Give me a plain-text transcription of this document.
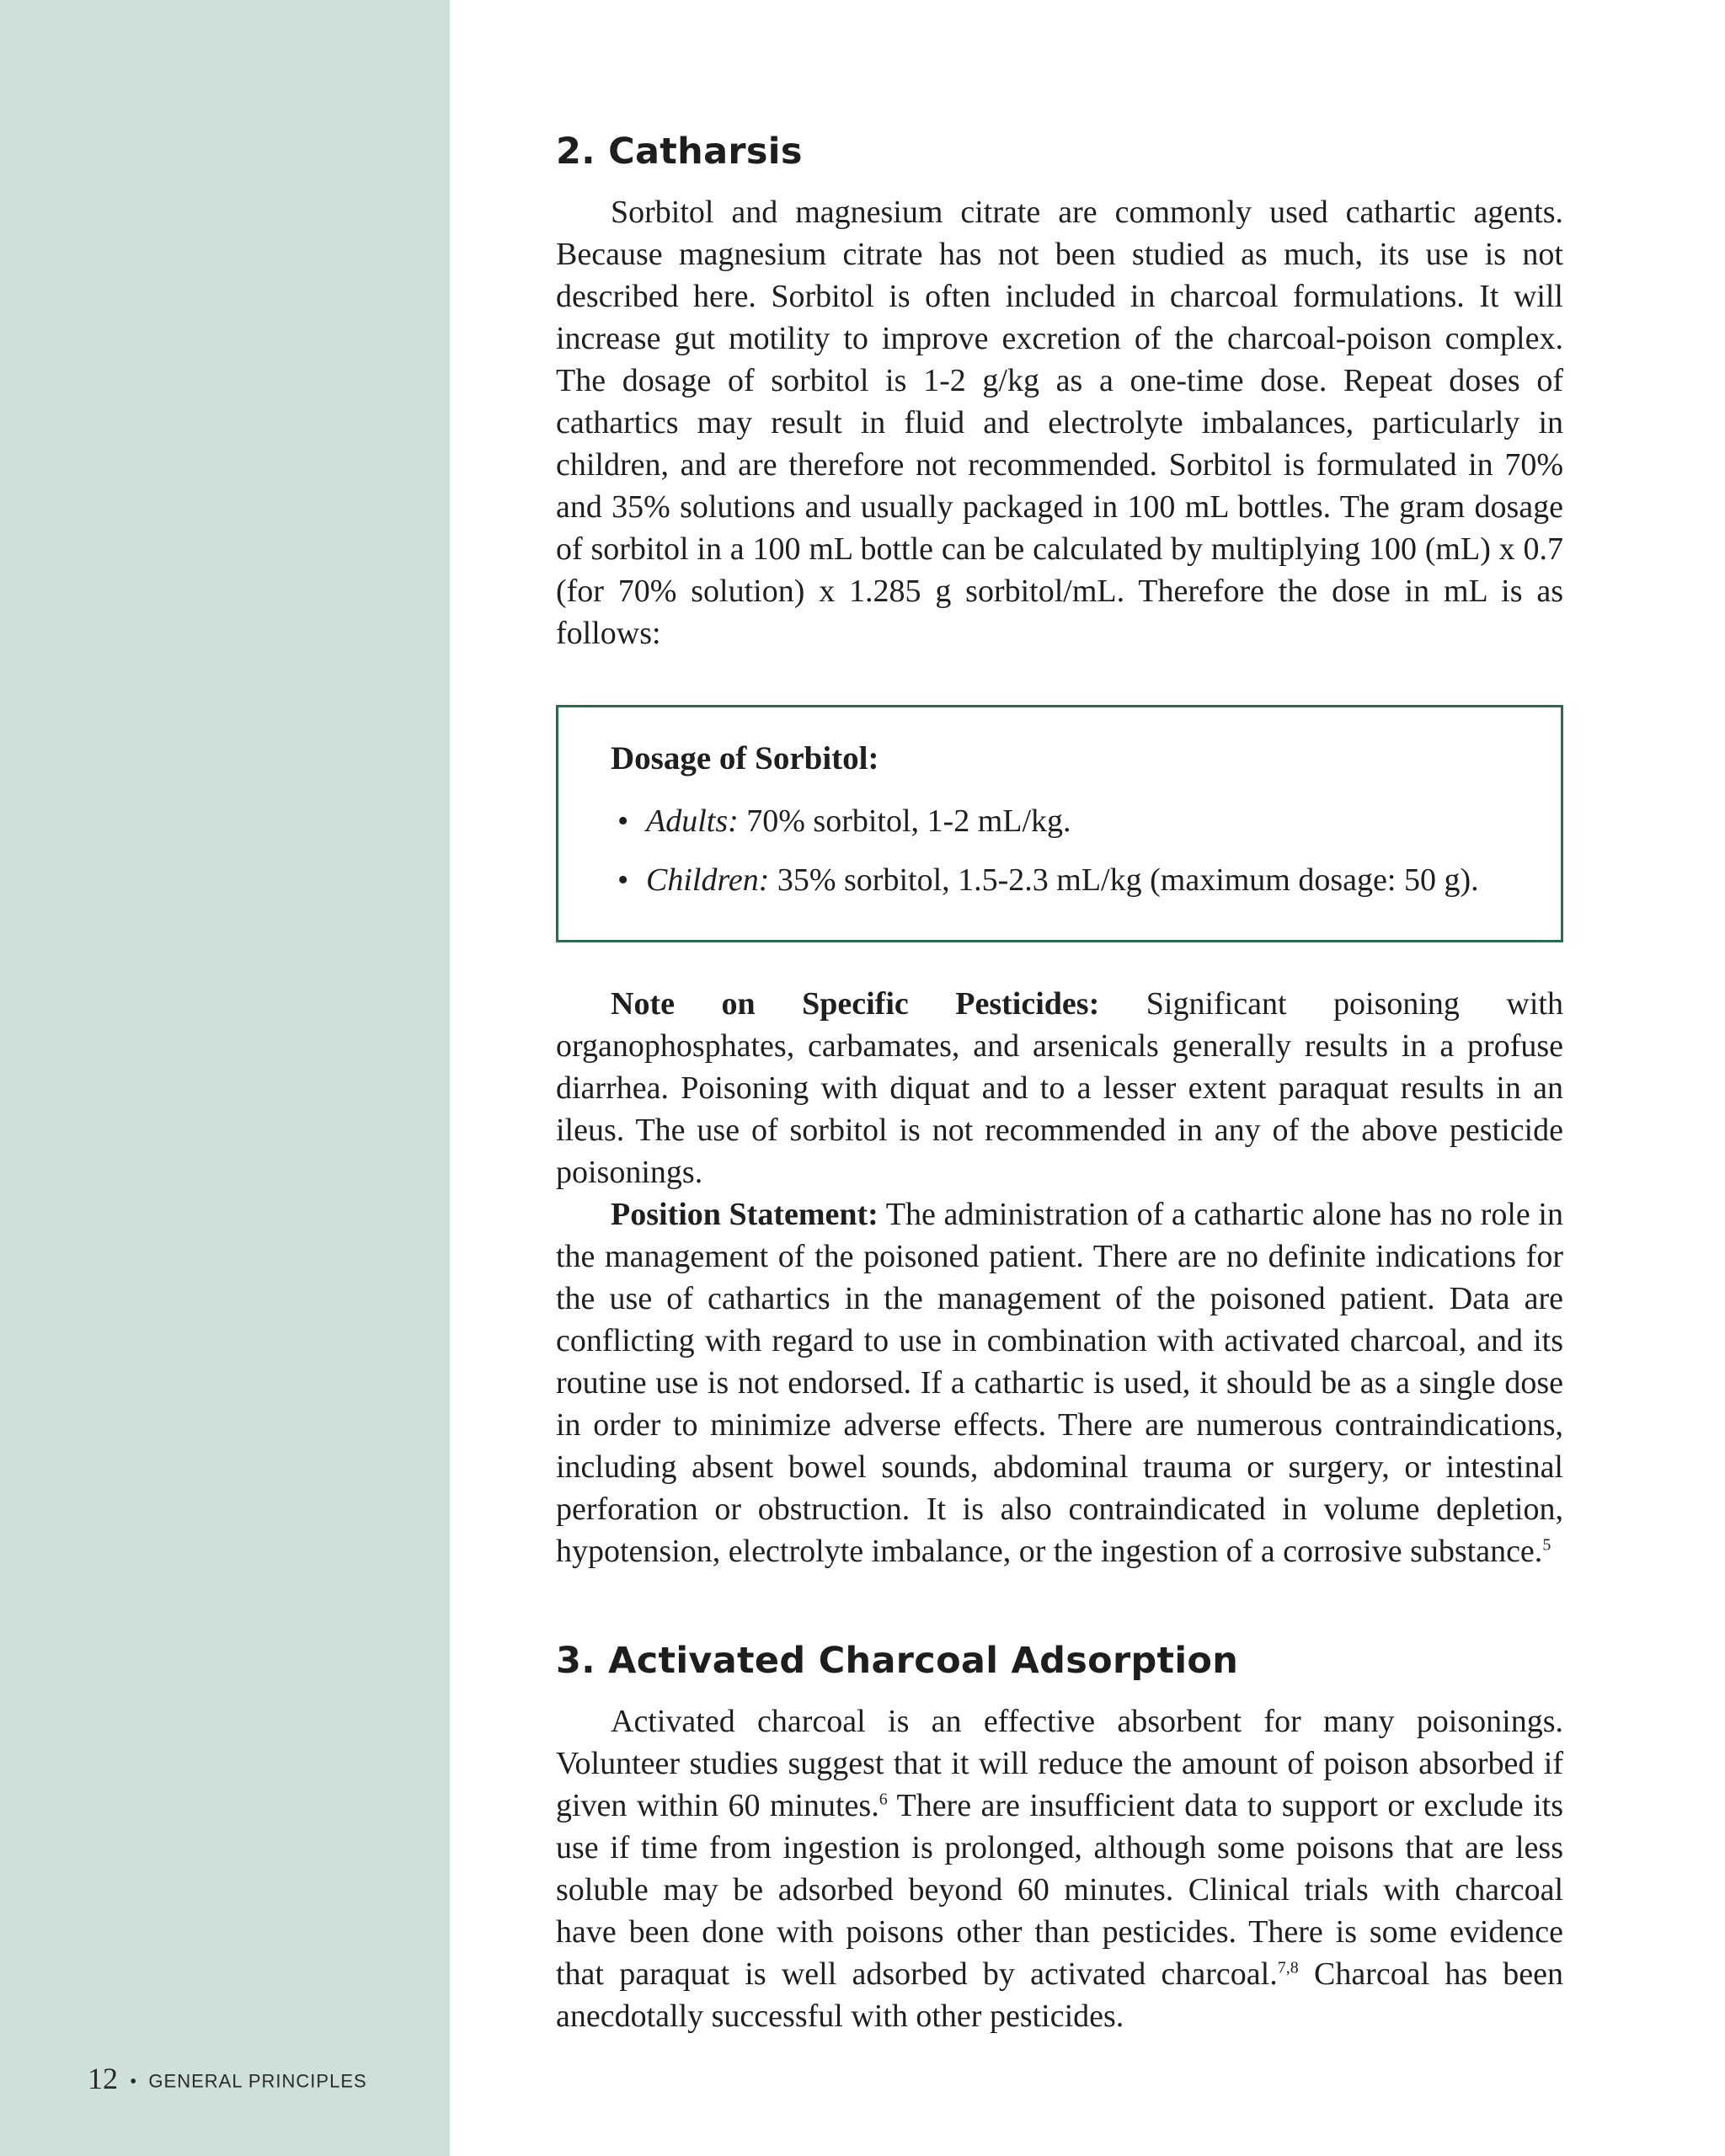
2. Catharsis

Sorbitol and magnesium citrate are commonly used cathartic agents. Because magnesium citrate has not been studied as much, its use is not described here. Sorbitol is often included in charcoal formulations. It will increase gut motility to improve excretion of the charcoal-poison complex. The dosage of sorbitol is 1-2 g/kg as a one-time dose. Repeat doses of cathartics may result in fluid and electrolyte imbalances, particularly in children, and are therefore not recommended. Sorbitol is formulated in 70% and 35% solutions and usually packaged in 100 mL bottles. The gram dosage of sorbitol in a 100 mL bottle can be calculated by multiplying 100 (mL) x 0.7 (for 70% solution) x 1.285 g sorbitol/mL. Therefore the dose in mL is as follows:

Dosage of Sorbitol:
• Adults: 70% sorbitol, 1-2 mL/kg.
• Children: 35% sorbitol, 1.5-2.3 mL/kg (maximum dosage: 50 g).

Note on Specific Pesticides: Significant poisoning with organophosphates, carbamates, and arsenicals generally results in a profuse diarrhea. Poisoning with diquat and to a lesser extent paraquat results in an ileus. The use of sorbitol is not recommended in any of the above pesticide poisonings.

Position Statement: The administration of a cathartic alone has no role in the management of the poisoned patient. There are no definite indications for the use of cathartics in the management of the poisoned patient. Data are conflicting with regard to use in combination with activated charcoal, and its routine use is not endorsed. If a cathartic is used, it should be as a single dose in order to minimize adverse effects. There are numerous contraindications, including absent bowel sounds, abdominal trauma or surgery, or intestinal perforation or obstruction. It is also contraindicated in volume depletion, hypotension, electrolyte imbalance, or the ingestion of a corrosive substance.$^5$

3. Activated Charcoal Adsorption

Activated charcoal is an effective absorbent for many poisonings. Volunteer studies suggest that it will reduce the amount of poison absorbed if given within 60 minutes.$^6$ There are insufficient data to support or exclude its use if time from ingestion is prolonged, although some poisons that are less soluble may be adsorbed beyond 60 minutes. Clinical trials with charcoal have been done with poisons other than pesticides. There is some evidence that paraquat is well adsorbed by activated charcoal.$^{7,8}$ Charcoal has been anecdotally successful with other pesticides.

12 • GENERAL PRINCIPLES
